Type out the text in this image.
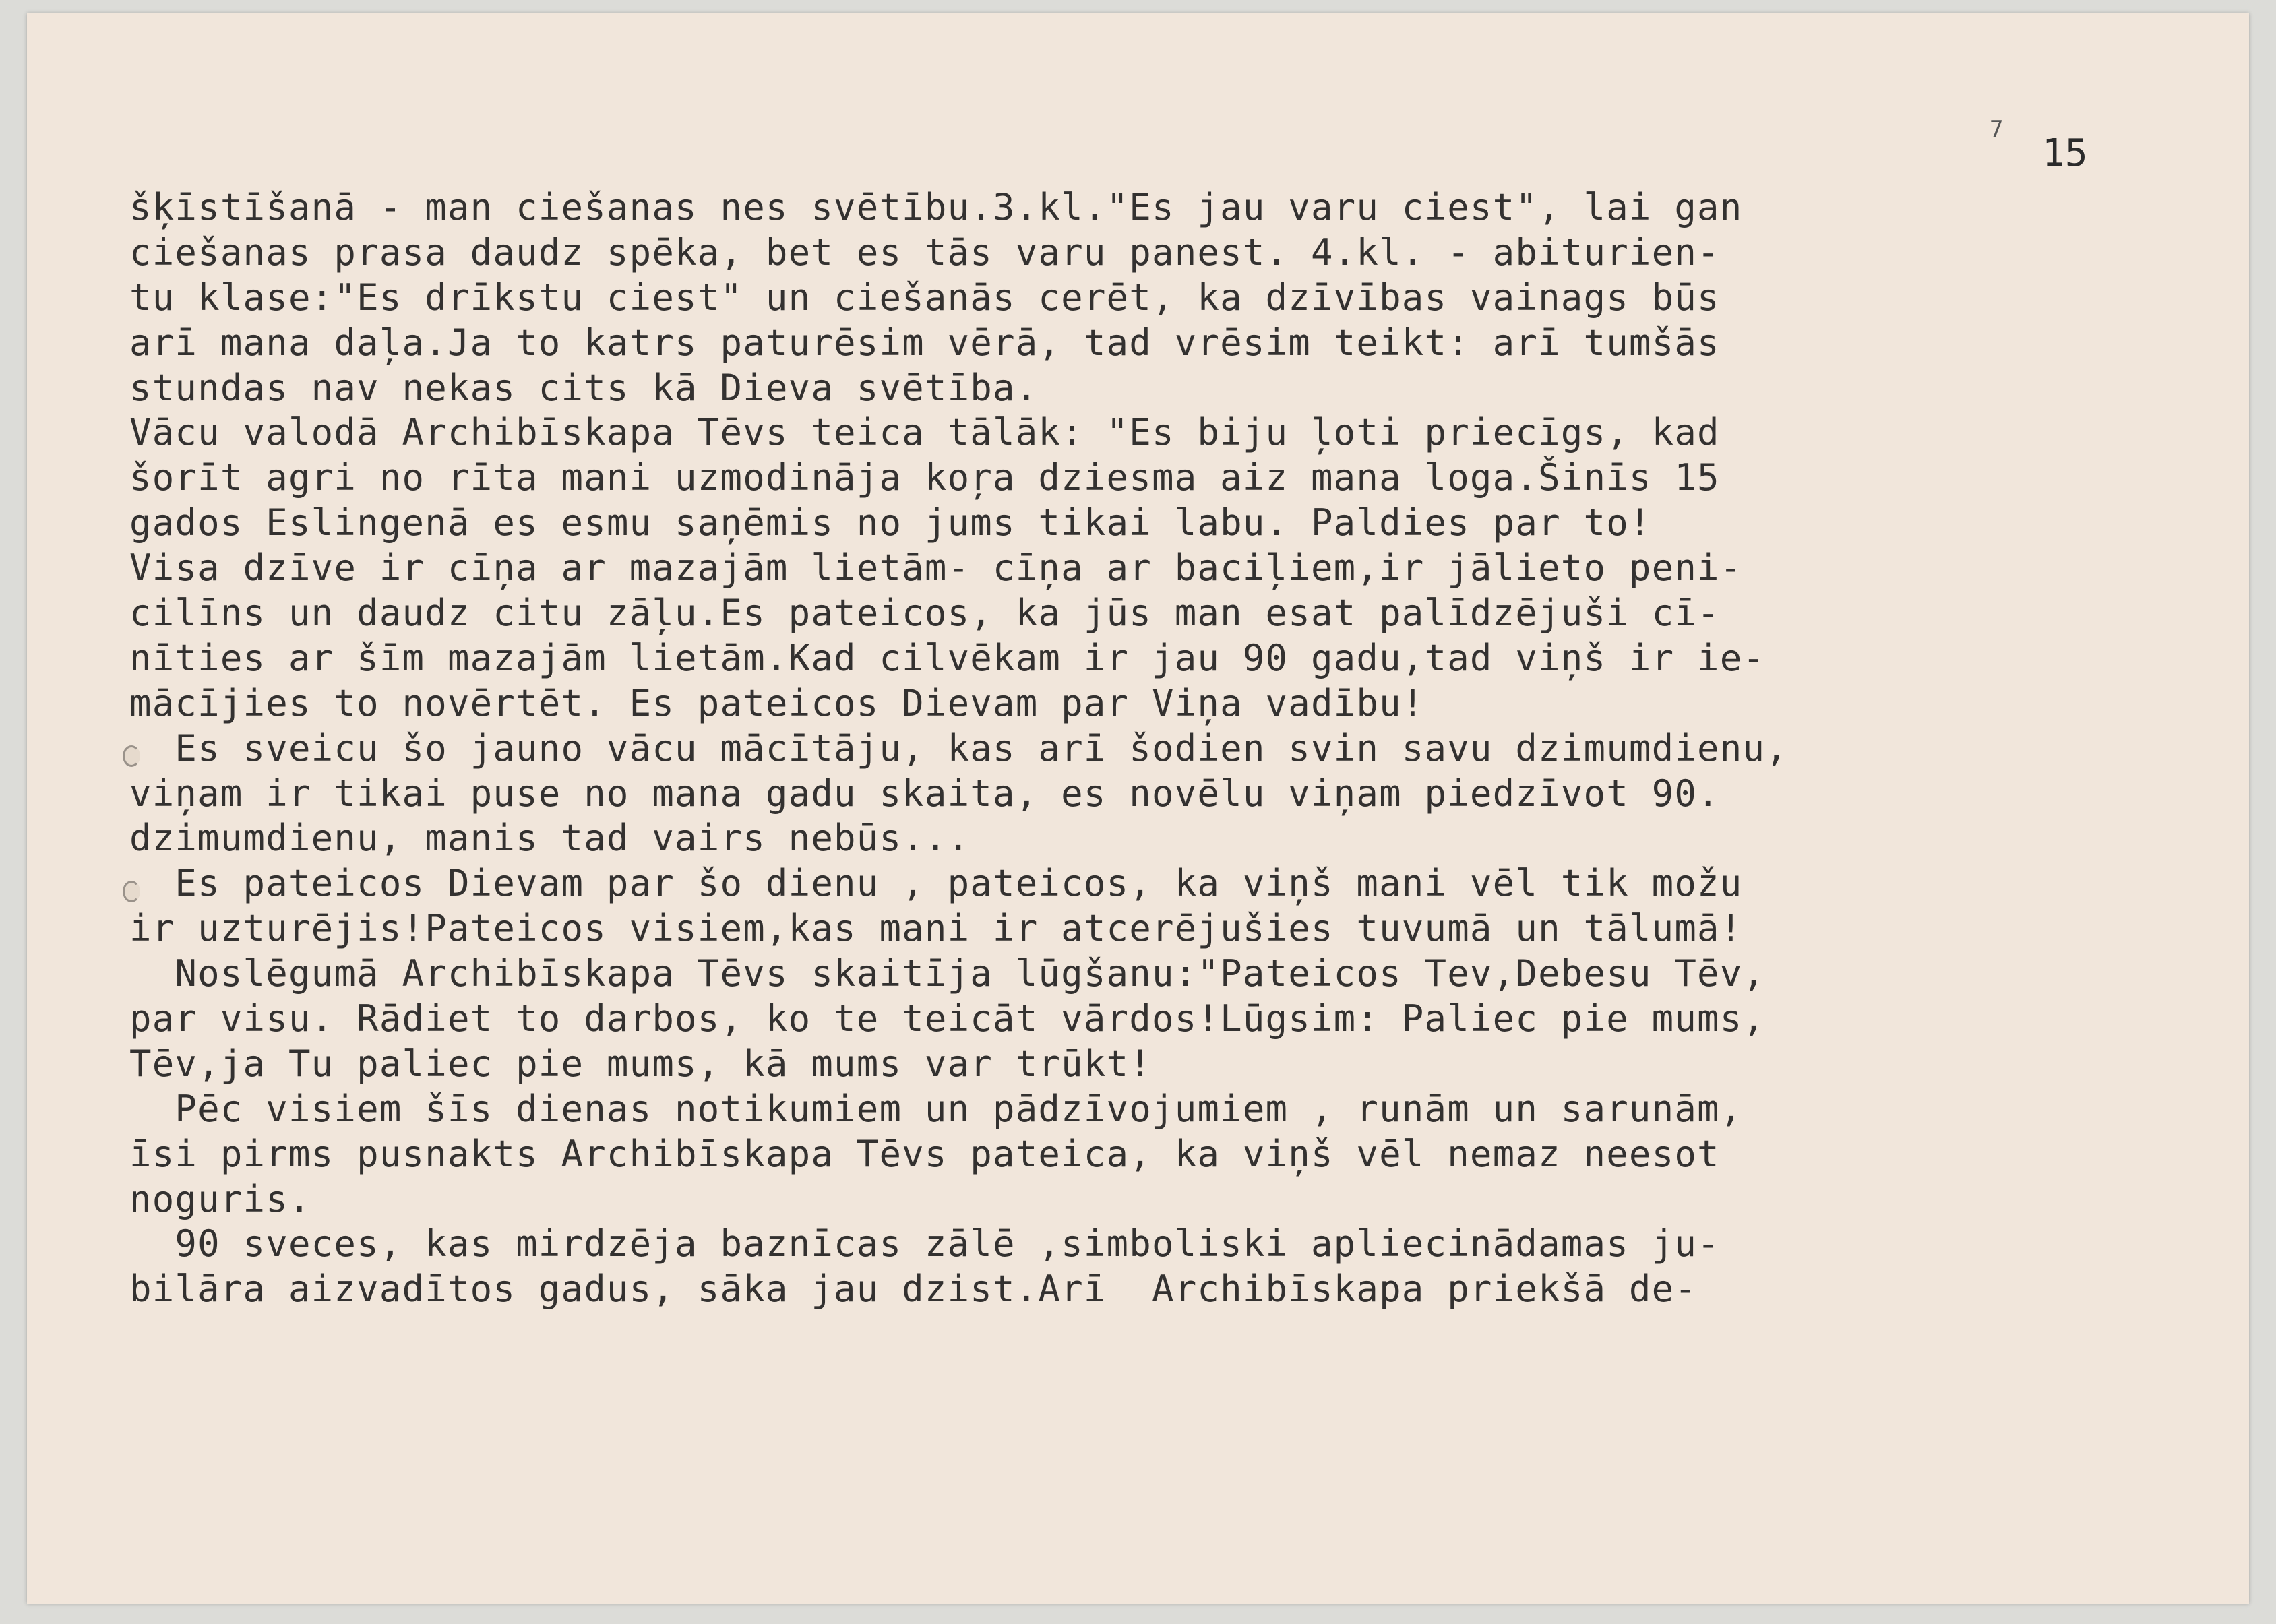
7
15
šķīstīšanā - man ciešanas nes svētību.3.kl."Es jau varu ciest", lai gan
ciešanas prasa daudz spēka, bet es tās varu panest. 4.kl. - abiturien-
tu klase:"Es drīkstu ciest" un ciešanās cerēt, ka dzīvības vainags būs
arī mana daļa.Ja to katrs paturēsim vērā, tad vrēsim teikt: arī tumšās
stundas nav nekas cits kā Dieva svētība.
Vācu valodā Archibīskapa Tēvs teica tālāk: "Es biju ļoti priecīgs, kad
šorīt agri no rīta mani uzmodināja koŗa dziesma aiz mana loga.Šinīs 15
gados Eslingenā es esmu saņēmis no jums tikai labu. Paldies par to!
Visa dzīve ir cīņa ar mazajām lietām- cīņa ar baciļiem,ir jālieto peni-
cilīns un daudz citu zāļu.Es pateicos, ka jūs man esat palīdzējuši cī-
nīties ar šīm mazajām lietām.Kad cilvēkam ir jau 90 gadu,tad viņš ir ie-
mācījies to novērtēt. Es pateicos Dievam par Viņa vadību!
Es sveicu šo jauno vācu mācītāju, kas arī šodien svin savu dzimumdienu,
viņam ir tikai puse no mana gadu skaita, es novēlu viņam piedzīvot 90.
dzimumdienu, manis tad vairs nebūs...
Es pateicos Dievam par šo dienu , pateicos, ka viņš mani vēl tik možu
ir uzturējis!Pateicos visiem,kas mani ir atcerējušies tuvumā un tālumā!
Noslēgumā Archibīskapa Tēvs skaitīja lūgšanu:"Pateicos Tev,Debesu Tēv,
par visu. Rādiet to darbos, ko te teicāt vārdos!Lūgsim: Paliec pie mums,
Tēv,ja Tu paliec pie mums, kā mums var trūkt!
Pēc visiem šīs dienas notikumiem un pādzīvojumiem , runām un sarunām,
īsi pirms pusnakts Archibīskapa Tēvs pateica, ka viņš vēl nemaz neesot
noguris.
90 sveces, kas mirdzēja baznīcas zālē ,simboliski apliecinādamas ju-
bilāra aizvadītos gadus, sāka jau dzist.Arī  Archibīskapa priekšā de-
